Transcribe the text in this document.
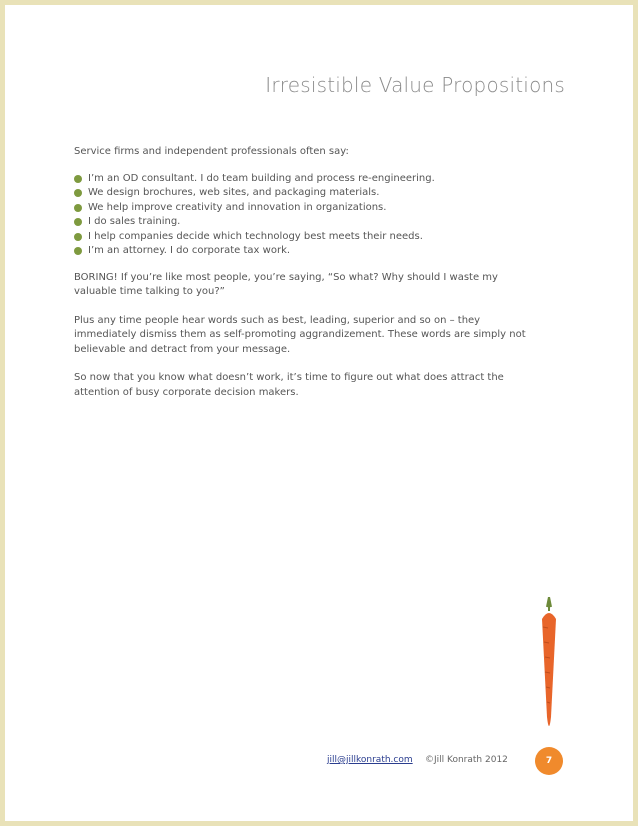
Irresistible Value Propositions

Service firms and independent professionals often say:

I’m an OD consultant. I do team building and process re-engineering.
We design brochures, web sites, and packaging materials.
We help improve creativity and innovation in organizations.
I do sales training.
I help companies decide which technology best meets their needs.
I’m an attorney. I do corporate tax work.

BORING! If you’re like most people, you’re saying, “So what? Why should I waste my valuable time talking to you?”

Plus any time people hear words such as best, leading, superior and so on – they immediately dismiss them as self-promoting aggrandizement. These words are simply not believable and detract from your message.

So now that you know what doesn’t work, it’s time to figure out what does attract the attention of busy corporate decision makers.

jill@jillkonrath.com ©Jill Konrath 2012	7
